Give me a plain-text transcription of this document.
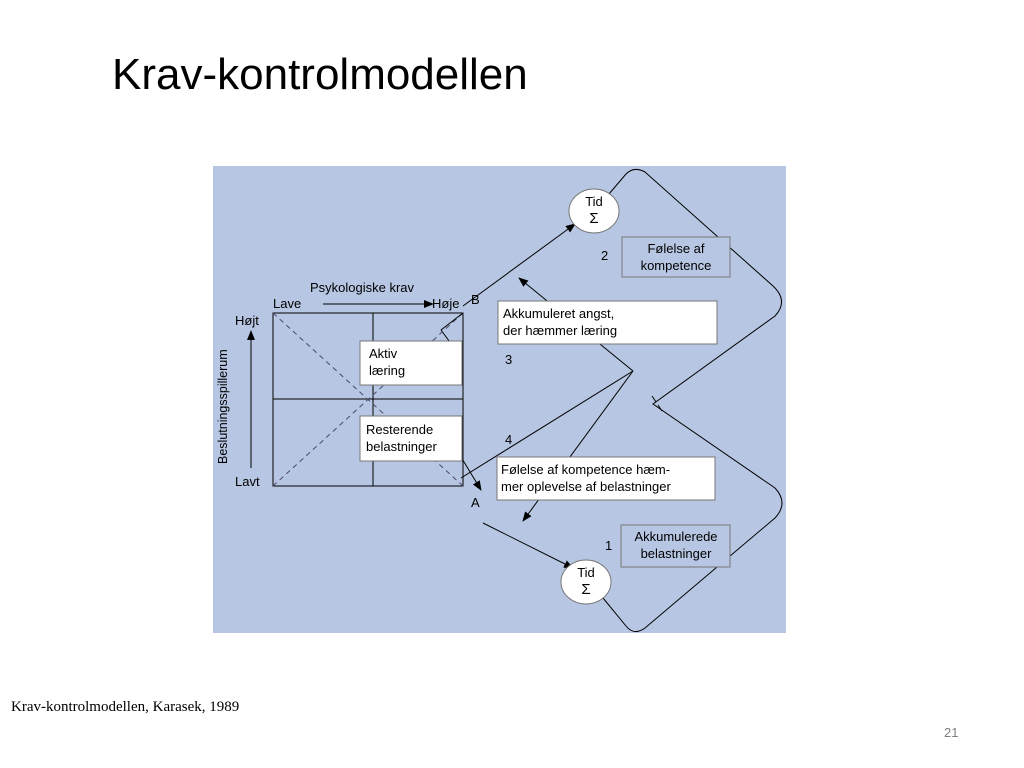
Krav-kontrolmodellen
Psykologiske krav
Lave	Høje
Højt
Lavt
Beslutningsspillerum	Aktiv
læring
Resterende
belastninger
B
A
Tid
Σ
Tid
Σ
1
2
3
4
Følelse af
kompetence
Akkumuleret angst,
der hæmmer læring
Følelse af kompetence hæm-
mer oplevelse af belastninger
Akkumulerede
belastninger
Krav-kontrolmodellen, Karasek, 1989
21
